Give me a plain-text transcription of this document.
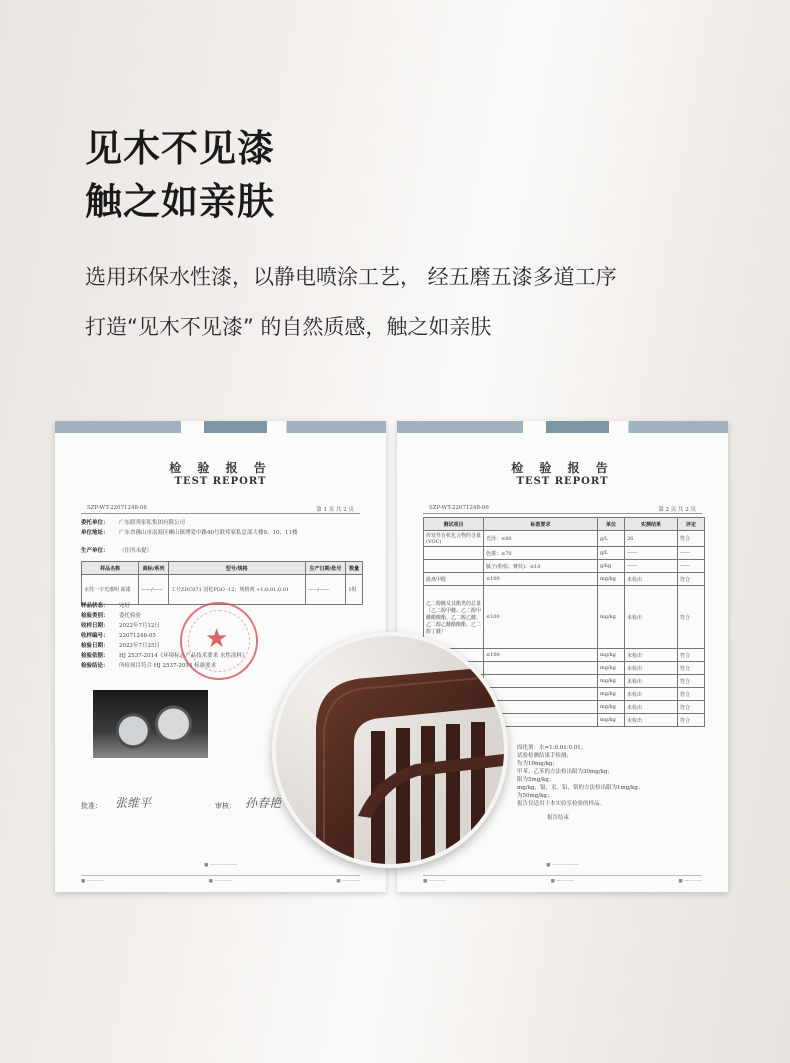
见木不见漆
触之如亲肤
选用环保水性漆，以静电喷涂工艺， 经五磨五漆多道工序
打造“见木不见漆” 的自然质感，触之如亲肤
检 验 报 告
TEST REPORT
SZP-WT-22071248-06	第 1 页 共 2 页
委托单位： 广东联邦家私集团有限公司
单位地址： 广东省佛山市南海区狮山镇博爱中路40号联邦家私总部大楼9、10、11楼
生产单位： （住所未提）
样品名称	商标/系列	型号/规格	生产日期/批号	数量
水性一字光漆明 面漆	——/——	工号ZDC071 国化PDO -12；规格剂 +1:0:01:0.01	——/——	1组
样品状态： 完好
检验类别： 委托检验
收样日期： 2022年7月12日
收样编号： 22071248-05
检验日期： 2022年7月25日
检验依据： HJ 2537-2014《环境标志产品技术要求 水性涂料》
检验结论： 所检项目符合 HJ 2537-2014 标准要求
批准： 张维平	审核： 孙春艳
■ ——————
■ ————	■ ————	■ ————
★
检 验 报 告
TEST REPORT
SZP-WT-22071248-06	第 2 页 共 2 页
测试项目	标准要求	单位	实测结果	评定
挥发性有机化合物的含量(VOC)	光泽：≤80	g/L	26	符合
	色漆：≤70	g/L	——	——
	腻子(粉状、膏状)：≤10	g/kg	——	——
游离甲醛	≤100	mg/kg	未检出	符合
乙二醇醚及其酯类的总量（乙二醇甲醚、乙二醇甲醚醋酸酯、乙二醇乙醚、乙二醇乙醚醋酸酯、乙二醇丁醚）	≤100	mg/kg	未检出	符合
	≤100	mg/kg	未检出	符合
		mg/kg	未检出	符合
		mg/kg	未检出	符合
		mg/kg	未检出	符合
		mg/kg	未检出	符合
		mg/kg	未检出	符合
固化剂：水=1:0.01:0.01；
试验检测结果手检测；
均为10mg/kg；
甲苯、乙苯的方法检出限为30mg/kg；
限为5mg/kg；
mg/kg，镉、汞、铅、铬的方法检出限为1mg/kg；
为50mg/kg；
报告仅适用于本实验室检验的样品。
报告结束
■ ——————
■ ————	■ ————	■ ————
